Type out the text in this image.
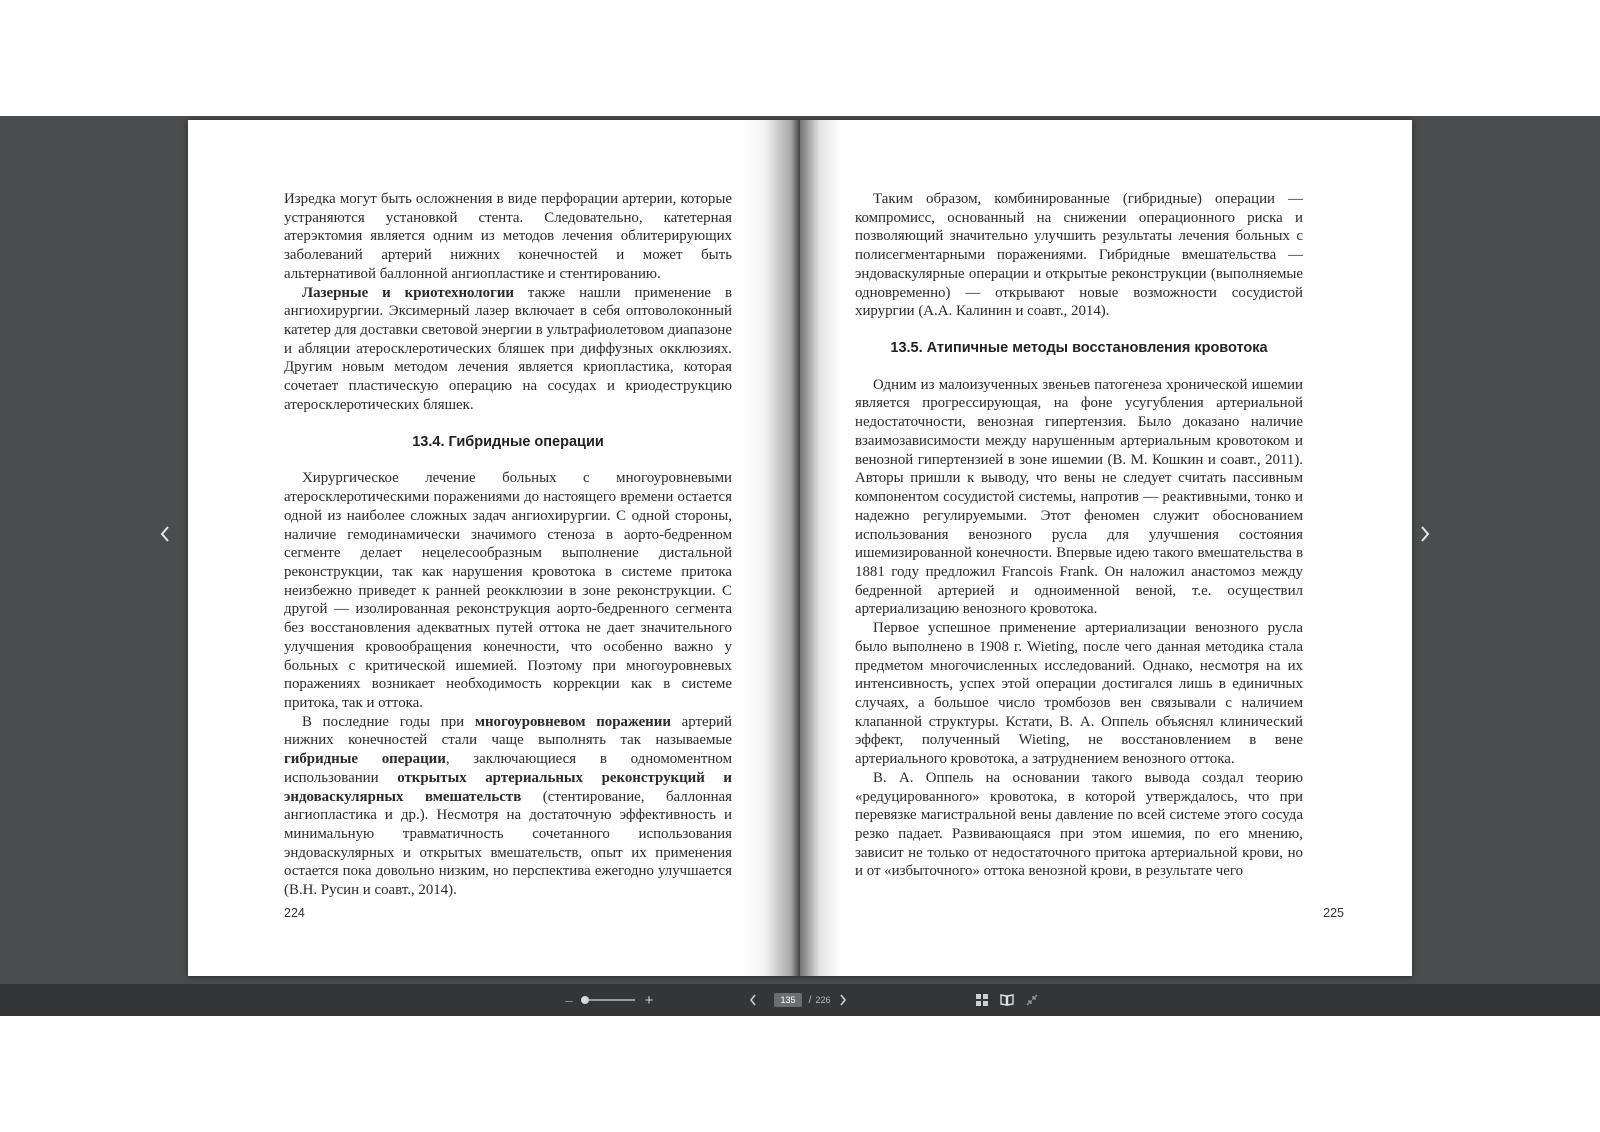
Изредка могут быть осложнения в виде перфорации артерии, которые устраняются установкой стента. Следовательно, катетерная атерэктомия является одним из методов лечения облитерирующих заболеваний артерий нижних конечностей и может быть альтернативой баллонной ангиопластике и стентированию.

Лазерные и криотехнологии также нашли применение в ангиохирургии. Эксимерный лазер включает в себя оптоволоконный катетер для доставки световой энергии в ультрафиолетовом диапазоне и абляции атеросклеротических бляшек при диффузных окклюзиях. Другим новым методом лечения является криопластика, которая сочетает пластическую операцию на сосудах и криодеструкцию атеросклеротических бляшек.

13.4. Гибридные операции

Хирургическое лечение больных с многоуровневыми атеросклеротическими поражениями до настоящего времени остается одной из наиболее сложных задач ангиохирургии. С одной стороны, наличие гемодинамически значимого стеноза в аорто-бедренном сегменте делает нецелесообразным выполнение дистальной реконструкции, так как нарушения кровотока в системе притока неизбежно приведет к ранней реокклюзии в зоне реконструкции. С другой — изолированная реконструкция аорто-бедренного сегмента без восстановления адекватных путей оттока не дает значительного улучшения кровообращения конечности, что особенно важно у больных с критической ишемией. Поэтому при многоуровневых поражениях возникает необходимость коррекции как в системе притока, так и оттока.

В последние годы при многоуровневом поражении артерий нижних конечностей стали чаще выполнять так называемые гибридные операции, заключающиеся в одномоментном использовании открытых артериальных реконструкций и эндоваскулярных вмешательств (стентирование, баллонная ангиопластика и др.). Несмотря на достаточную эффективность и минимальную травматичность сочетанного использования эндоваскулярных и открытых вмешательств, опыт их применения остается пока довольно низким, но перспектива ежегодно улучшается (В.Н. Русин и соавт., 2014).

224

Таким образом, комбинированные (гибридные) операции — компромисс, основанный на снижении операционного риска и позволяющий значительно улучшить результаты лечения больных с полисегментарными поражениями. Гибридные вмешательства — эндоваскулярные операции и открытые реконструкции (выполняемые одновременно) — открывают новые возможности сосудистой хирургии (А.А. Калинин и соавт., 2014).

13.5. Атипичные методы восстановления кровотока

Одним из малоизученных звеньев патогенеза хронической ишемии является прогрессирующая, на фоне усугубления артериальной недостаточности, венозная гипертензия. Было доказано наличие взаимозависимости между нарушенным артериальным кровотоком и венозной гипертензией в зоне ишемии (В. М. Кошкин и соавт., 2011). Авторы пришли к выводу, что вены не следует считать пассивным компонентом сосудистой системы, напротив — реактивными, тонко и надежно регулируемыми. Этот феномен служит обоснованием использования венозного русла для улучшения состояния ишемизированной конечности. Впервые идею такого вмешательства в 1881 году предложил Francois Frank. Он наложил анастомоз между бедренной артерией и одноименной веной, т.е. осуществил артериализацию венозного кровотока.

Первое успешное применение артериализации венозного русла было выполнено в 1908 г. Wieting, после чего данная методика стала предметом многочисленных исследований. Однако, несмотря на их интенсивность, успех этой операции достигался лишь в единичных случаях, а большое число тромбозов вен связывали с наличием клапанной структуры. Кстати, В. А. Оппель объяснял клинический эффект, полученный Wieting, не восстановлением в вене артериального кровотока, а затруднением венозного оттока.

В. А. Оппель на основании такого вывода создал теорию «редуцированного» кровотока, в которой утверждалось, что при перевязке магистральной вены давление по всей системе этого сосуда резко падает. Развивающаяся при этом ишемия, по его мнению, зависит не только от недостаточного притока артериальной крови, но и от «избыточного» оттока венозной крови, в результате чего

225
–	+
135	/ 226
